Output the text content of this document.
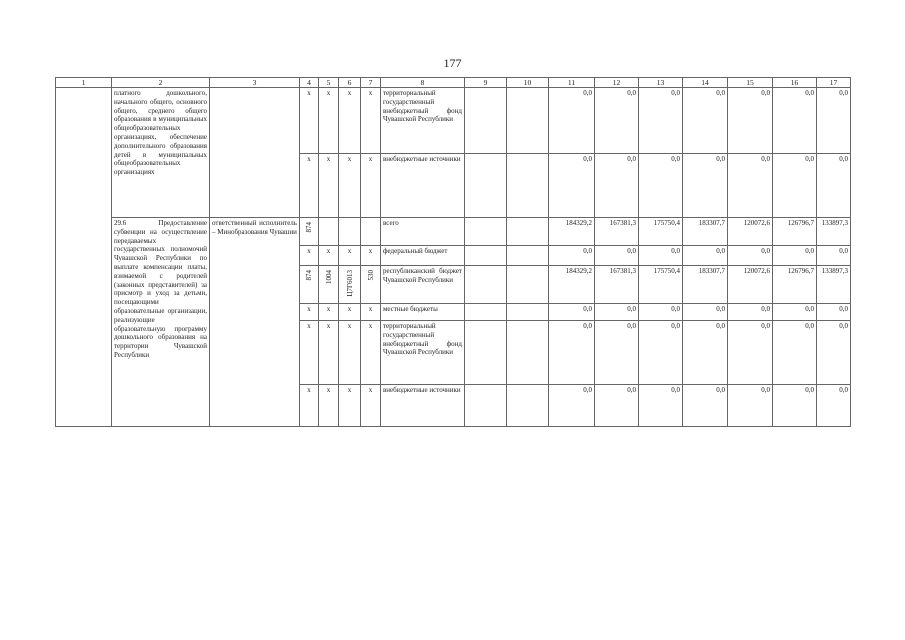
177
1	2	3	4	5	6	7	8	9	10	11	12	13	14	15	16	17
	платного дошкольного, начального общего, основного общего, среднего общего образования в муниципальных общеобразовательных организациях, обеспечение дополнительного образования детей в муниципальных общеобразовательных организациях		x	x	x	x	территориальный государственный внебюджетный фонд Чувашской Республики			0,0	0,0	0,0	0,0	0,0	0,0	0,0
			x	x	x	x	внебюджетные источники			0,0	0,0	0,0	0,0	0,0	0,0	0,0
	29.6 Предоставление субвенции на осуществление передаваемых государственных полномочий Чувашской Республики по выплате компенсации платы, взимаемой с родителей (законных представителей) за присмотр и уход за детьми, посещающими образовательные организации, реализующие образовательную программу дошкольного образования на территории Чувашской Республики	ответственный исполнитель – Минобразования Чувашии	874				всего			184329,2	167381,3	175750,4	183307,7	120072,6	126796,7	133897,3
			x	x	x	x	федеральный бюджет			0,0	0,0	0,0	0,0	0,0	0,0	0,0

			874	1004	Ц7Г6013	530	республиканский бюджет Чувашской Республики			184329,2	167381,3	175750,4	183307,7	120072,6	126796,7	133897,3
			x	x	x	x	местные бюджеты			0,0	0,0	0,0	0,0	0,0	0,0	0,0
			x	x	x	x	территориальный государственный внебюджетный фонд Чувашской Республики			0,0	0,0	0,0	0,0	0,0	0,0	0,0
			x	x	x	x	внебюджетные источники			0,0	0,0	0,0	0,0	0,0	0,0	0,0
